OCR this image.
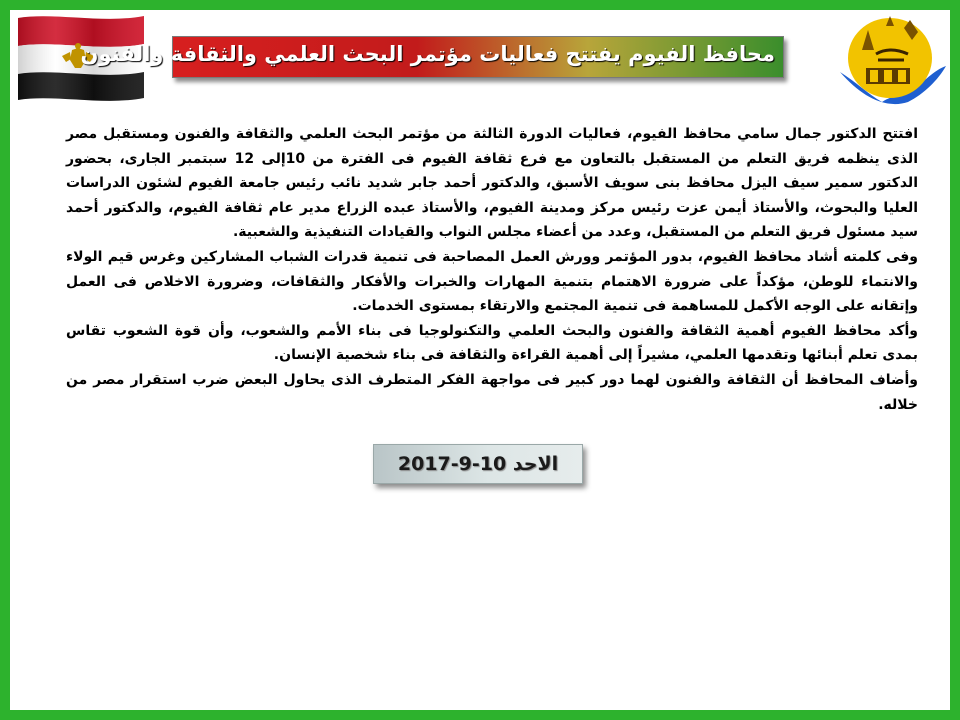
محافظ الفيوم يفتتح فعاليات مؤتمر البحث العلمي والثقافة والفنون

افتتح الدكتور جمال سامي محافظ الفيوم، فعاليات الدورة الثالثة من مؤتمر البحث العلمي والثقافة والفنون ومستقبل مصر الذى ينظمه فريق التعلم من المستقبل بالتعاون مع فرع ثقافة الفيوم فى الفترة من 10إلى 12 سبتمبر الجارى، بحضور الدكتور سمير سيف اليزل محافظ بنى سويف الأسبق، والدكتور أحمد جابر شديد نائب رئيس جامعة الفيوم لشئون الدراسات العليا والبحوث، والأستاذ أيمن عزت رئيس مركز ومدينة الفيوم، والأستاذ عبده الزراع مدير عام ثقافة الفيوم، والدكتور أحمد سيد مسئول فريق التعلم من المستقبل، وعدد من أعضاء مجلس النواب والقيادات التنفيذية والشعبية.

وفى كلمته أشاد محافظ الفيوم، بدور المؤتمر وورش العمل المصاحبة فى تنمية قدرات الشباب المشاركين وغرس قيم الولاء والانتماء للوطن، مؤكداً على ضرورة الاهتمام بتنمية المهارات والخبرات والأفكار والثقافات، وضرورة الاخلاص فى العمل وإتقانه على الوجه الأكمل للمساهمة فى تنمية المجتمع والارتقاء بمستوى الخدمات.

وأكد محافظ الفيوم أهمية الثقافة والفنون والبحث العلمي والتكنولوجيا فى بناء الأمم والشعوب، وأن قوة الشعوب تقاس بمدى تعلم أبنائها وتقدمها العلمي، مشيراً إلى أهمية القراءة والثقافة فى بناء شخصية الإنسان.

وأضاف المحافظ أن الثقافة والفنون لهما دور كبير فى مواجهة الفكر المتطرف الذى يحاول البعض ضرب استقرار مصر من خلاله.

الاحد 10-9-2017
